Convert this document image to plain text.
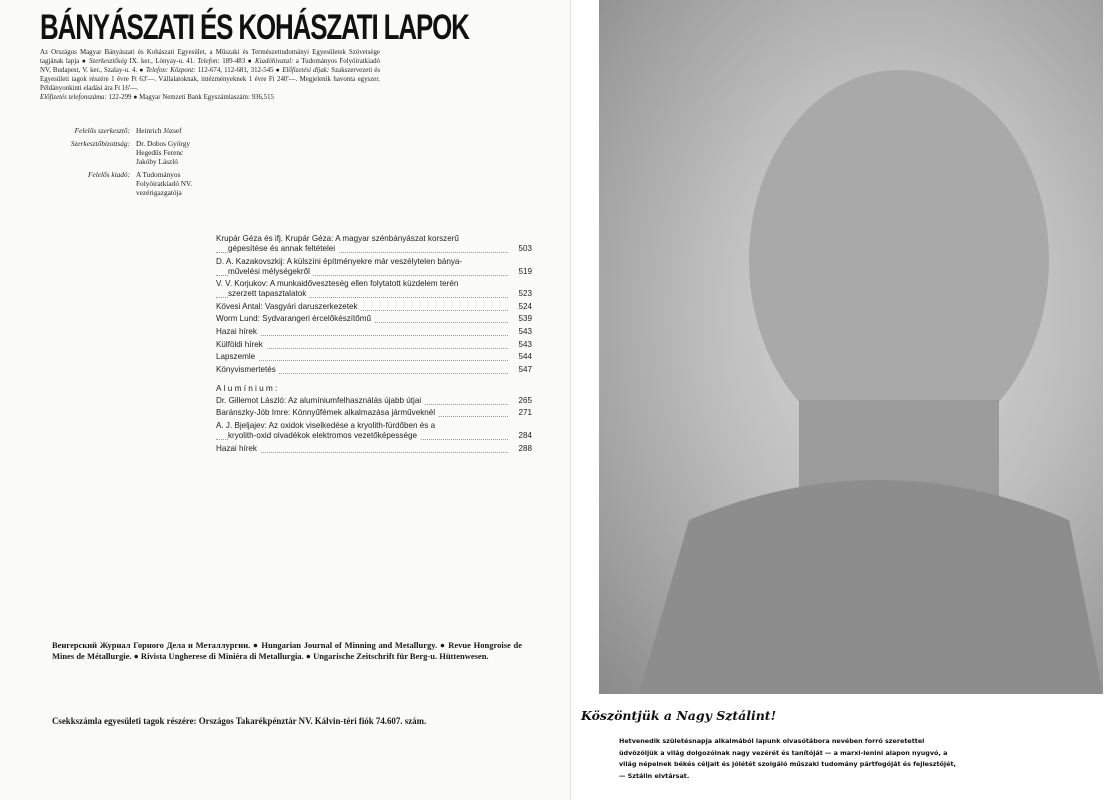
BÁNYÁSZATI ÉS KOHÁSZATI LAPOK

Az Országos Magyar Bányászati és Kohászati Egyesület, a Műszaki és Természettudományi Egyesületek Szövetsége tagjának lapja ● Szerkesztőség IX. ker., Lónyay-u. 41. Telefon: 189-483 ● Kiadóhivatal: a Tudományos Folyóiratkiadó NV, Budapest, V. ker., Szalay-u. 4. ● Telefon: Központ: 112-674, 112-681, 312-545 ● Előfizetési díjak: Szakszervezeti és Egyesületi tagok részére 1 évre Ft 63'—. Vállalatoknak, intézményeknek 1 évre Ft 240'—. Megjelenik havonta egyszer. Példányonkinti eladási ára Ft 16'—.

Előfizetés telefonszáma: 122-299 ● Magyar Nemzeti Bank Egyszámlaszám: 936,515

Felelős szerkesztő: Heinrich József
Szerkesztőbizottság: Dr. Dobos György
Hegedűs Ferenc
Jakóby László
Felelős kiadó: A Tudományos
Folyóiratkiadó NV.
vezérigazgatója
Krupár Géza és ifj. Krupár Géza: A magyar szénbányászat korszerű
gépesítése és annak feltételei	503
D. A. Kazakovszkij: A külszíni építményekre már veszélytelen bánya-
művelési mélységekről	519
V. V. Korjukov: A munkaidőveszteség ellen folytatott küzdelem terén
szerzett tapasztalatok	523
Kövesi Antal: Vasgyári daruszerkezetek	524
Worm Lund: Sydvarangeri ércelőkészítőmű	539
Hazai hírek	543
Külföldi hírek	543
Lapszemle	544
Könyvismertetés	547
Alumínium:
Dr. Gillemot László: Az alumíniumfelhasználás újabb útjai	265
Baránszky-Jób Imre: Könnyűfémek alkalmazása járműveknél	271
A. J. Bjeljajev: Az oxidok viselkedése a kryolith-fürdőben és a
kryolith-oxid olvadékok elektromos vezetőképessége	284
Hazai hírek	288
Венгерский Журнал Горного Дела и Металлургии. ● Hungarian Journal of Minning and Metallurgy. ● Revue Hongroise de Mines de Métallurgie. ● Rivista Ungherese di Miniéra di Metallurgia. ● Ungarische Zeitschrift für Berg-u. Hüttenwesen.
Csekkszámla egyesületi tagok részére: Országos Takarékpénztár NV. Kálvin-téri fiók 74.607. szám.	Köszöntjük a Nagy Sztálint!
Hetvenedik születésnapja alkalmából lapunk olvasótábora nevében forró szeretettel üdvözöljük a világ dolgozóinak nagy vezérét és tanítóját — a marxi-lenini alapon nyugvó, a világ népeinek békés céljait és jólétét szolgáló műszaki tudomány pártfogóját és fejlesztőjét, — Sztálin elvtársat.
